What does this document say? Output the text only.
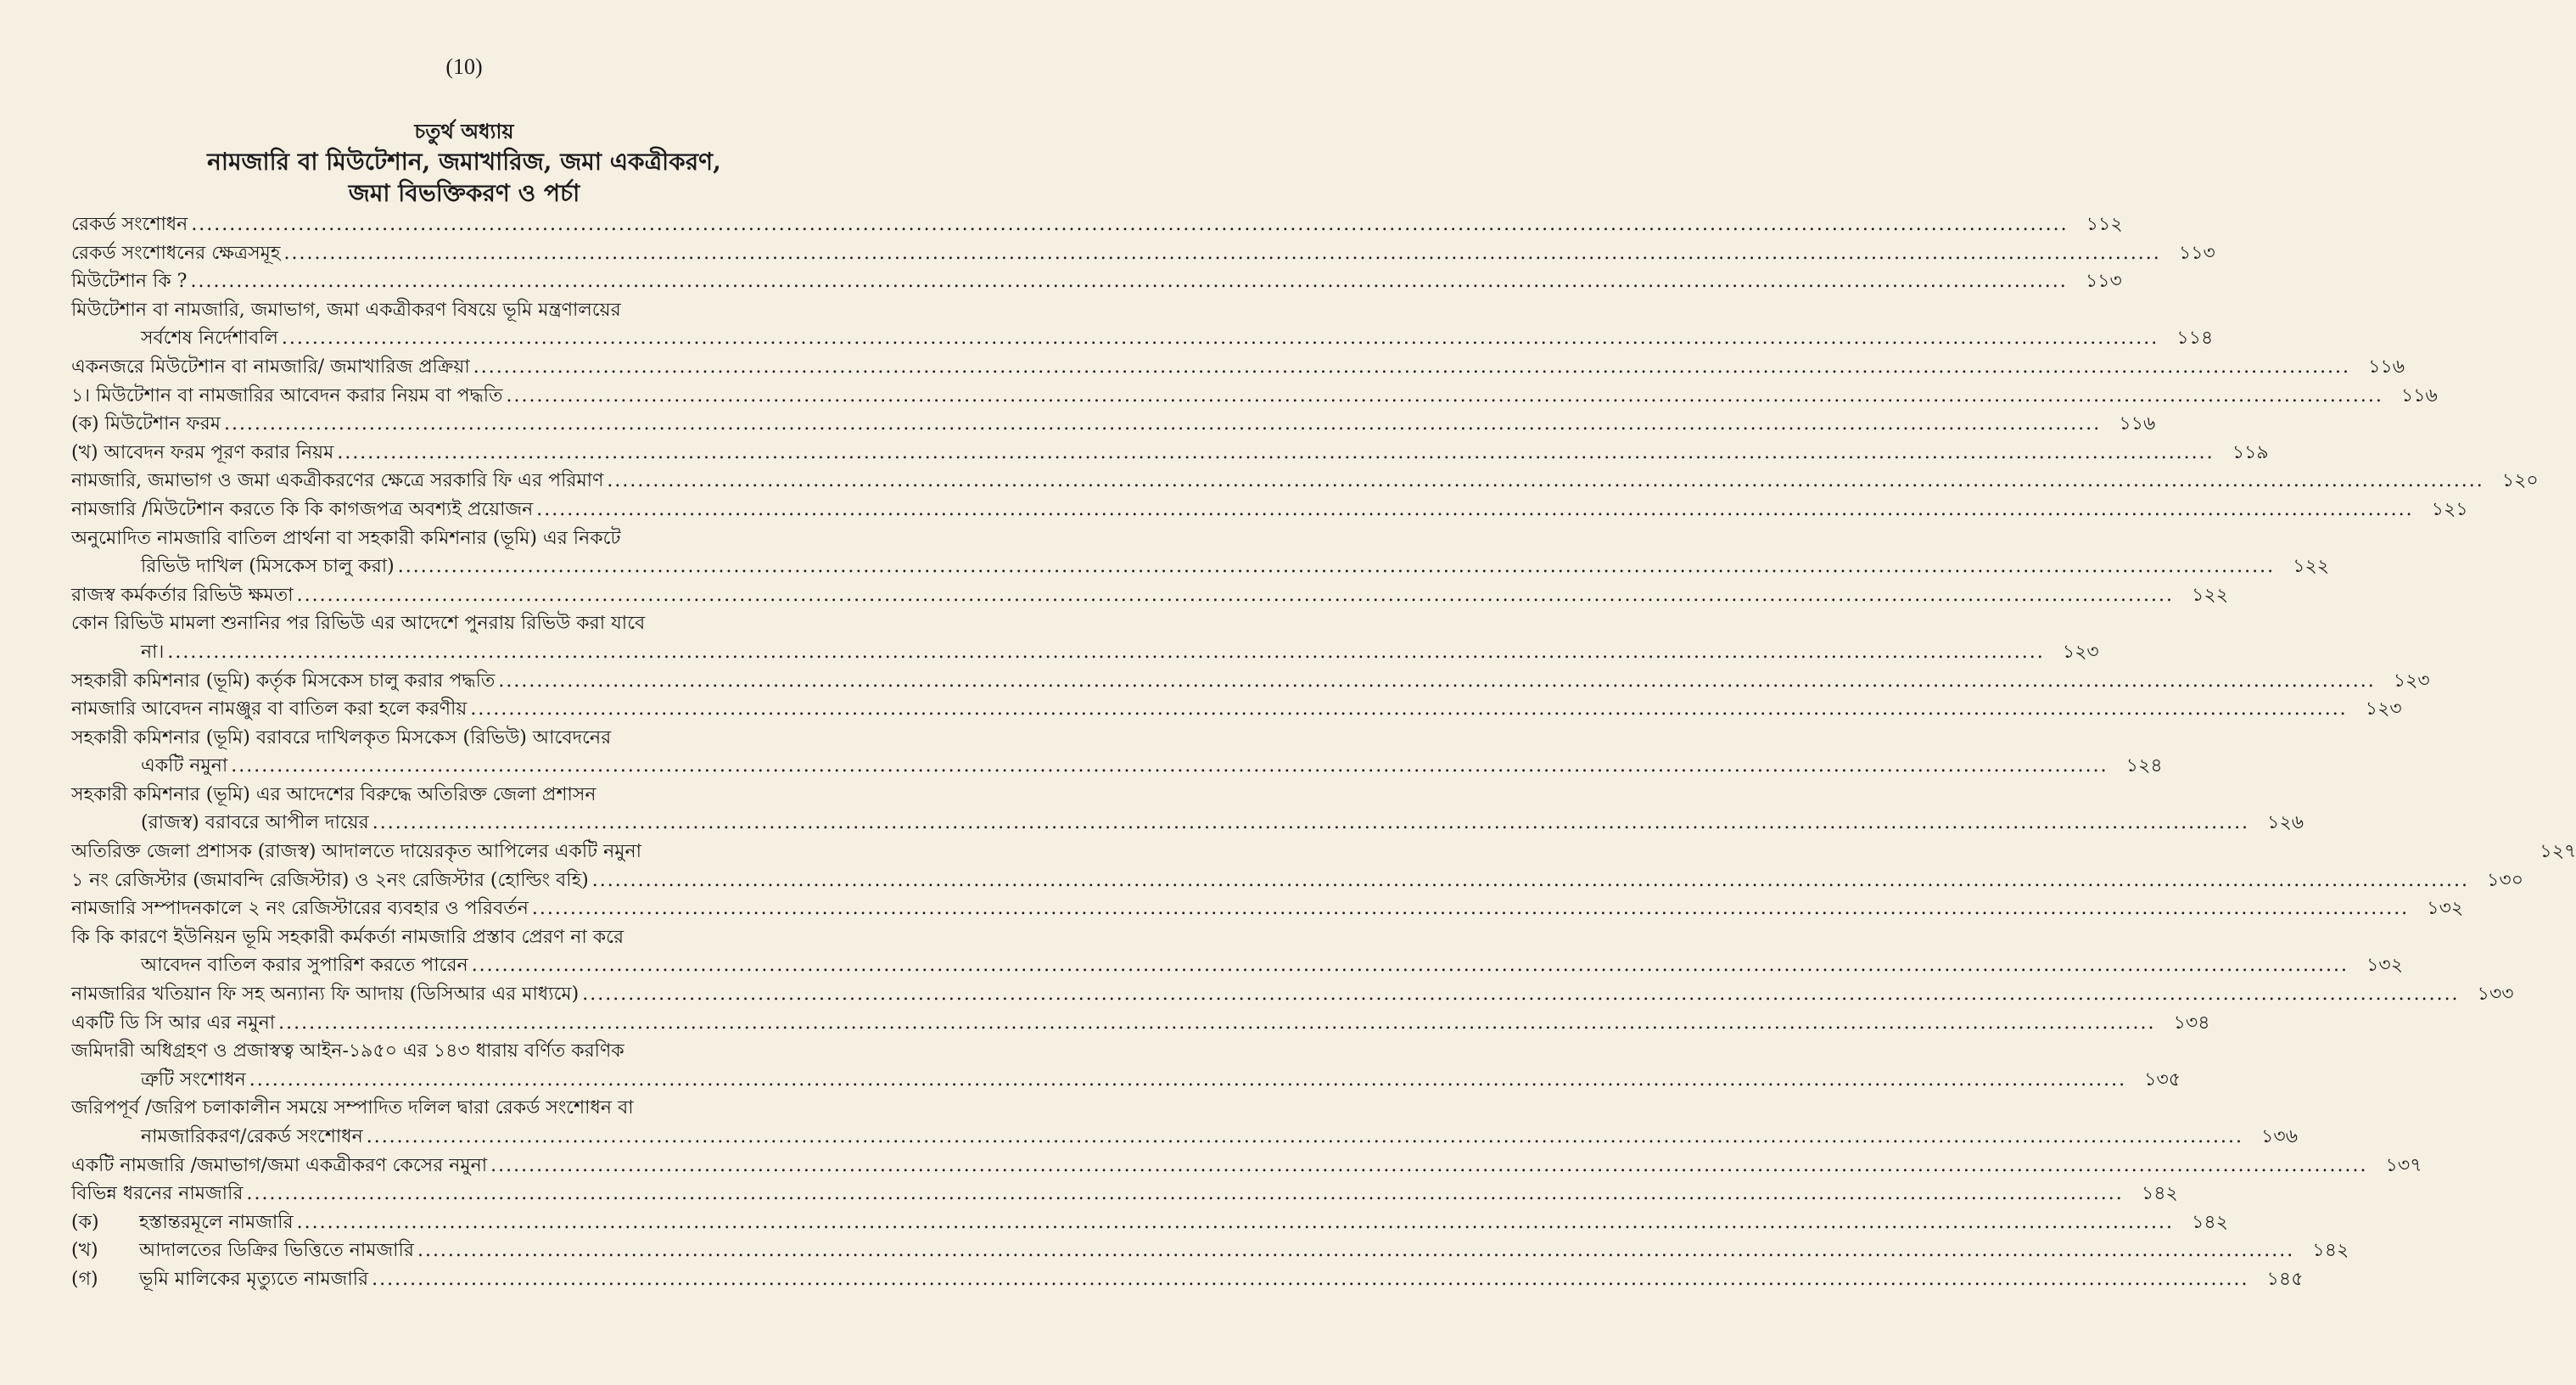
(10)
চতুর্থ অধ্যায়
নামজারি বা মিউটেশান, জমাখারিজ, জমা একত্রীকরণ,
জমা বিভক্তিকরণ ও পর্চা
রেকর্ড সংশোধন .....	১১২
রেকর্ড সংশোধনের ক্ষেত্রসমূহ .....	১১৩
মিউটেশান কি ? .....	১১৩
মিউটেশান বা নামজারি, জমাভাগ, জমা একত্রীকরণ বিষয়ে ভূমি মন্ত্রণালয়ের
সর্বশেষ নির্দেশাবলি .....	১১৪
একনজরে মিউটেশান বা নামজারি/ জমাখারিজ প্রক্রিয়া .....	১১৬
১। মিউটেশান বা নামজারির আবেদন করার নিয়ম বা পদ্ধতি .....	১১৬
(ক) মিউটেশান ফরম .....	১১৬
(খ) আবেদন ফরম পূরণ করার নিয়ম .....	১১৯
নামজারি, জমাভাগ ও জমা একত্রীকরণের ক্ষেত্রে সরকারি ফি এর পরিমাণ .....	১২০
নামজারি /মিউটেশান করতে কি কি কাগজপত্র অবশ্যই প্রয়োজন .....	১২১
অনুমোদিত নামজারি বাতিল প্রার্থনা বা সহকারী কমিশনার (ভূমি) এর নিকটে
রিভিউ দাখিল (মিসকেস চালু করা) .....	১২২
রাজস্ব কর্মকর্তার রিভিউ ক্ষমতা .....	১২২
কোন রিভিউ মামলা শুনানির পর রিভিউ এর আদেশে পুনরায় রিভিউ করা যাবে
না। .....	১২৩
সহকারী কমিশনার (ভূমি) কর্তৃক মিসকেস চালু করার পদ্ধতি .....	১২৩
নামজারি আবেদন নামঞ্জুর বা বাতিল করা হলে করণীয় .....	১২৩
সহকারী কমিশনার (ভূমি) বরাবরে দাখিলকৃত মিসকেস (রিভিউ) আবেদনের
একটি নমুনা .....	১২৪
সহকারী কমিশনার (ভূমি) এর আদেশের বিরুদ্ধে অতিরিক্ত জেলা প্রশাসন
(রাজস্ব) বরাবরে আপীল দায়ের .....	১২৬
অতিরিক্ত জেলা প্রশাসক (রাজস্ব) আদালতে দায়েরকৃত আপিলের একটি নমুনা	১২৭
১ নং রেজিস্টার (জমাবন্দি রেজিস্টার) ও ২নং রেজিস্টার (হোল্ডিং বহি) .....	১৩০
নামজারি সম্পাদনকালে ২ নং রেজিস্টারের ব্যবহার ও পরিবর্তন .....	১৩২
কি কি কারণে ইউনিয়ন ভূমি সহকারী কর্মকর্তা নামজারি প্রস্তাব প্রেরণ না করে
আবেদন বাতিল করার সুপারিশ করতে পারেন .....	১৩২
নামজারির খতিয়ান ফি সহ অন্যান্য ফি আদায় (ডিসিআর এর মাধ্যমে) .....	১৩৩
একটি ডি সি আর এর নমুনা .....	১৩৪
জমিদারী অধিগ্রহণ ও প্রজাস্বত্ব আইন-১৯৫০ এর ১৪৩ ধারায় বর্ণিত করণিক
ত্রুটি সংশোধন .....	১৩৫
জরিপপূর্ব /জরিপ চলাকালীন সময়ে সম্পাদিত দলিল দ্বারা রেকর্ড সংশোধন বা
নামজারিকরণ/রেকর্ড সংশোধন .....	১৩৬
একটি নামজারি /জমাভাগ/জমা একত্রীকরণ কেসের নমুনা .....	১৩৭
বিভিন্ন ধরনের নামজারি .....	১৪২
(ক)	হস্তান্তরমূলে নামজারি .....	১৪২
(খ)	আদালতের ডিক্রির ভিত্তিতে নামজারি .....	১৪২
(গ)	ভূমি মালিকের মৃত্যুতে নামজারি .....	১৪৫
